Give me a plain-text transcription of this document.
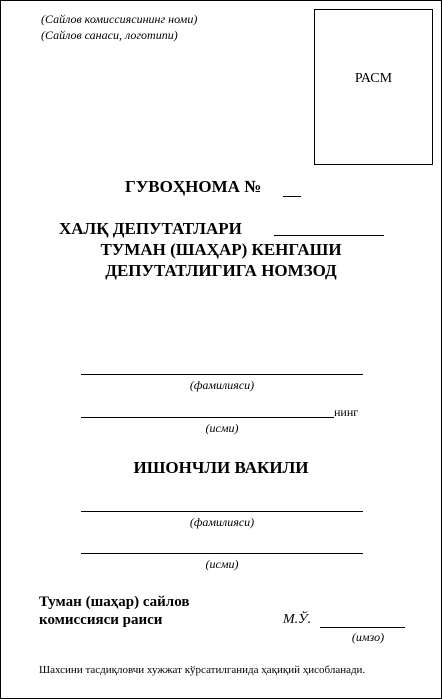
(Сайлов комиссиясининг номи)
(Сайлов санаси, логотипи)
РАСМ
ГУВОҲНОМА №
ХАЛҚ ДЕПУТАТЛАРИ
ТУМАН (ШАҲАР) КЕНГАШИ
ДЕПУТАТЛИГИГА НОМЗОД
(фамилияси)
нинг
(исми)
ИШОНЧЛИ ВАКИЛИ
(фамилияси)
(исми)
Туман (шаҳар) сайлов
комиссияси раиси	М.Ў.
(имзо)
Шахсини тасдиқловчи хужжат кўрсатилганида ҳақиқий ҳисобланади.
